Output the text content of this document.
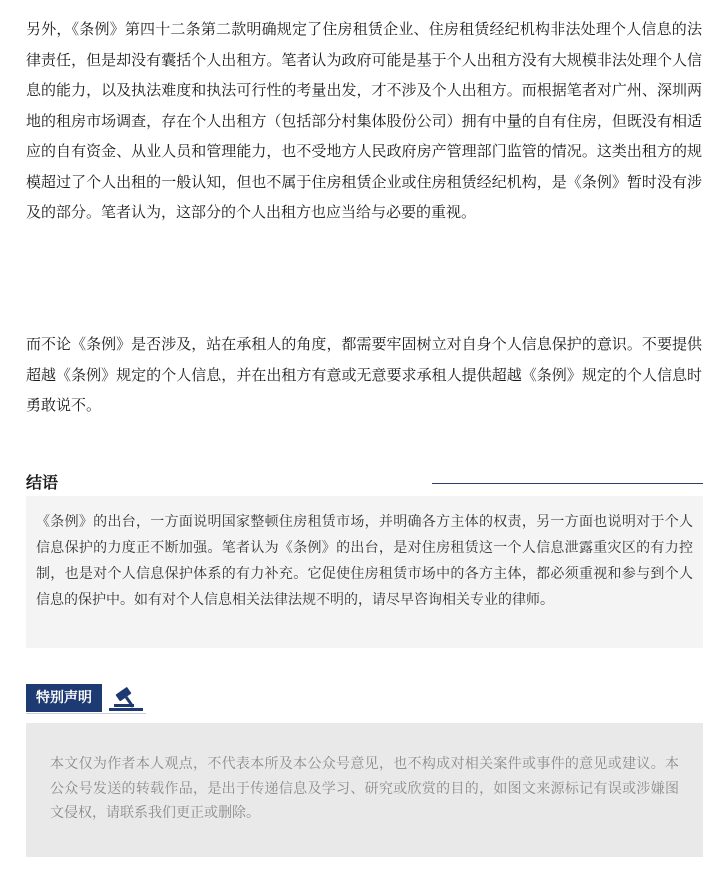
另外，《条例》第四十二条第二款明确规定了住房租赁企业、住房租赁经纪机构非法处理个人信息的法律责任，但是却没有囊括个人出租方。笔者认为政府可能是基于个人出租方没有大规模非法处理个人信息的能力，以及执法难度和执法可行性的考量出发，才不涉及个人出租方。而根据笔者对广州、深圳两地的租房市场调查，存在个人出租方（包括部分村集体股份公司）拥有中量的自有住房，但既没有相适应的自有资金、从业人员和管理能力，也不受地方人民政府房产管理部门监管的情况。这类出租方的规模超过了个人出租的一般认知，但也不属于住房租赁企业或住房租赁经纪机构，是《条例》暂时没有涉及的部分。笔者认为，这部分的个人出租方也应当给与必要的重视。

而不论《条例》是否涉及，站在承租人的角度，都需要牢固树立对自身个人信息保护的意识。不要提供超越《条例》规定的个人信息，并在出租方有意或无意要求承租人提供超越《条例》规定的个人信息时勇敢说不。

结语

《条例》的出台，一方面说明国家整顿住房租赁市场，并明确各方主体的权责，另一方面也说明对于个人信息保护的力度正不断加强。笔者认为《条例》的出台，是对住房租赁这一个人信息泄露重灾区的有力控制，也是对个人信息保护体系的有力补充。它促使住房租赁市场中的各方主体，都必须重视和参与到个人信息的保护中。如有对个人信息相关法律法规不明的，请尽早咨询相关专业的律师。

特别声明

本文仅为作者本人观点，不代表本所及本公众号意见，也不构成对相关案件或事件的意见或建议。本公众号发送的转载作品，是出于传递信息及学习、研究或欣赏的目的，如图文来源标记有误或涉嫌图文侵权，请联系我们更正或删除。
